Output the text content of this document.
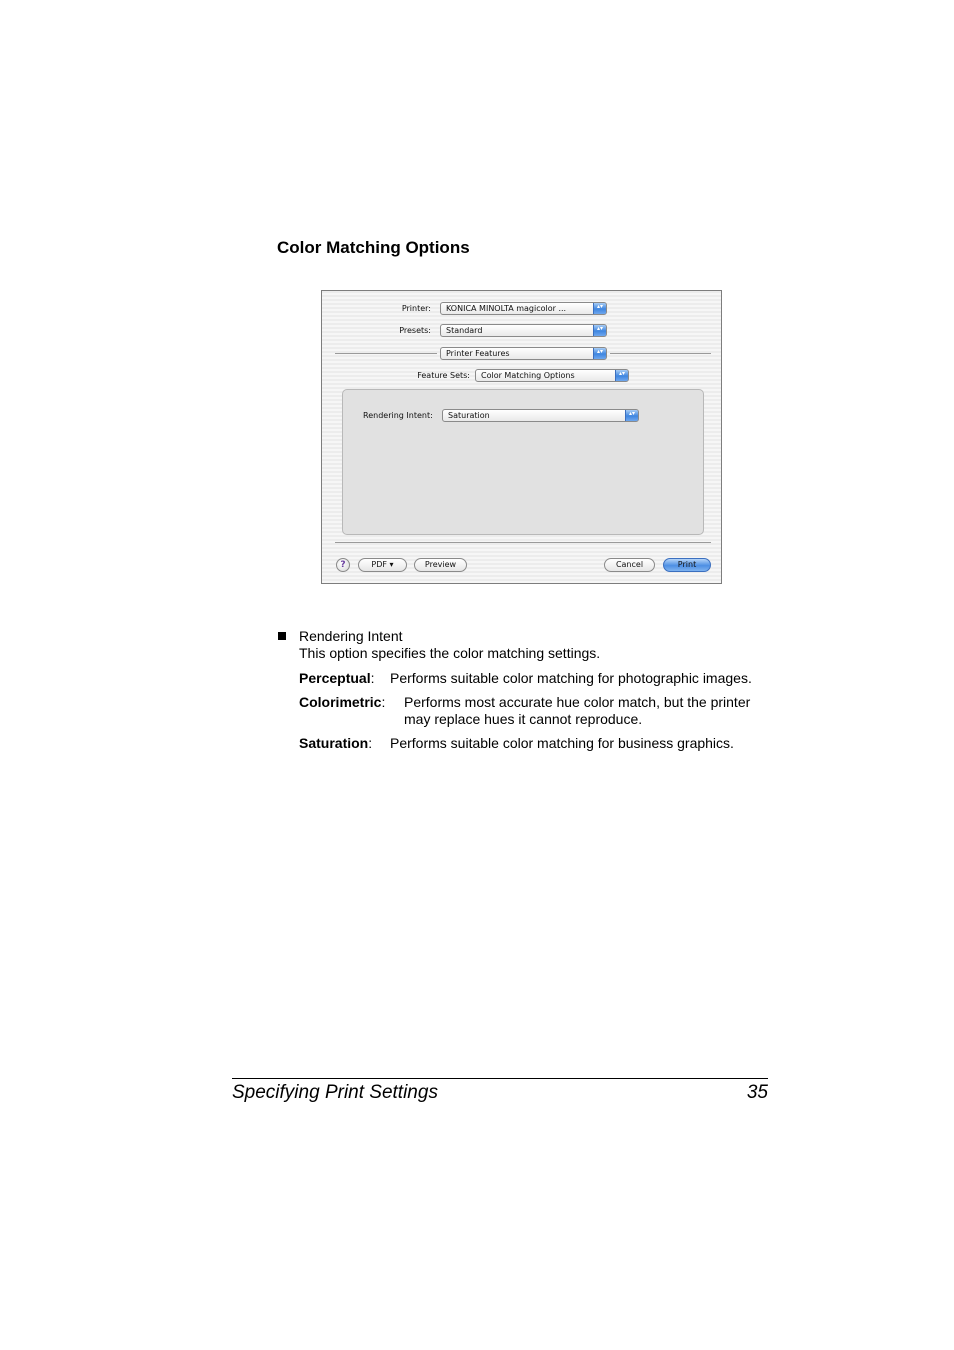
Color Matching Options
Printer:	KONICA MINOLTA magicolor ...	▴▾
Presets:	Standard	▴▾
Printer Features	▴▾
Feature Sets:	Color Matching Options	▴▾
Rendering Intent:	Saturation	▴▾
?	PDF ▾	Preview	Cancel	Print
Rendering Intent
This option specifies the color matching settings.
Perceptual: Performs suitable color matching for photographic images.
Colorimetric: Performs most accurate hue color match, but the printer
may replace hues it cannot reproduce.
Saturation: Performs suitable color matching for business graphics.
Specifying Print Settings	35
